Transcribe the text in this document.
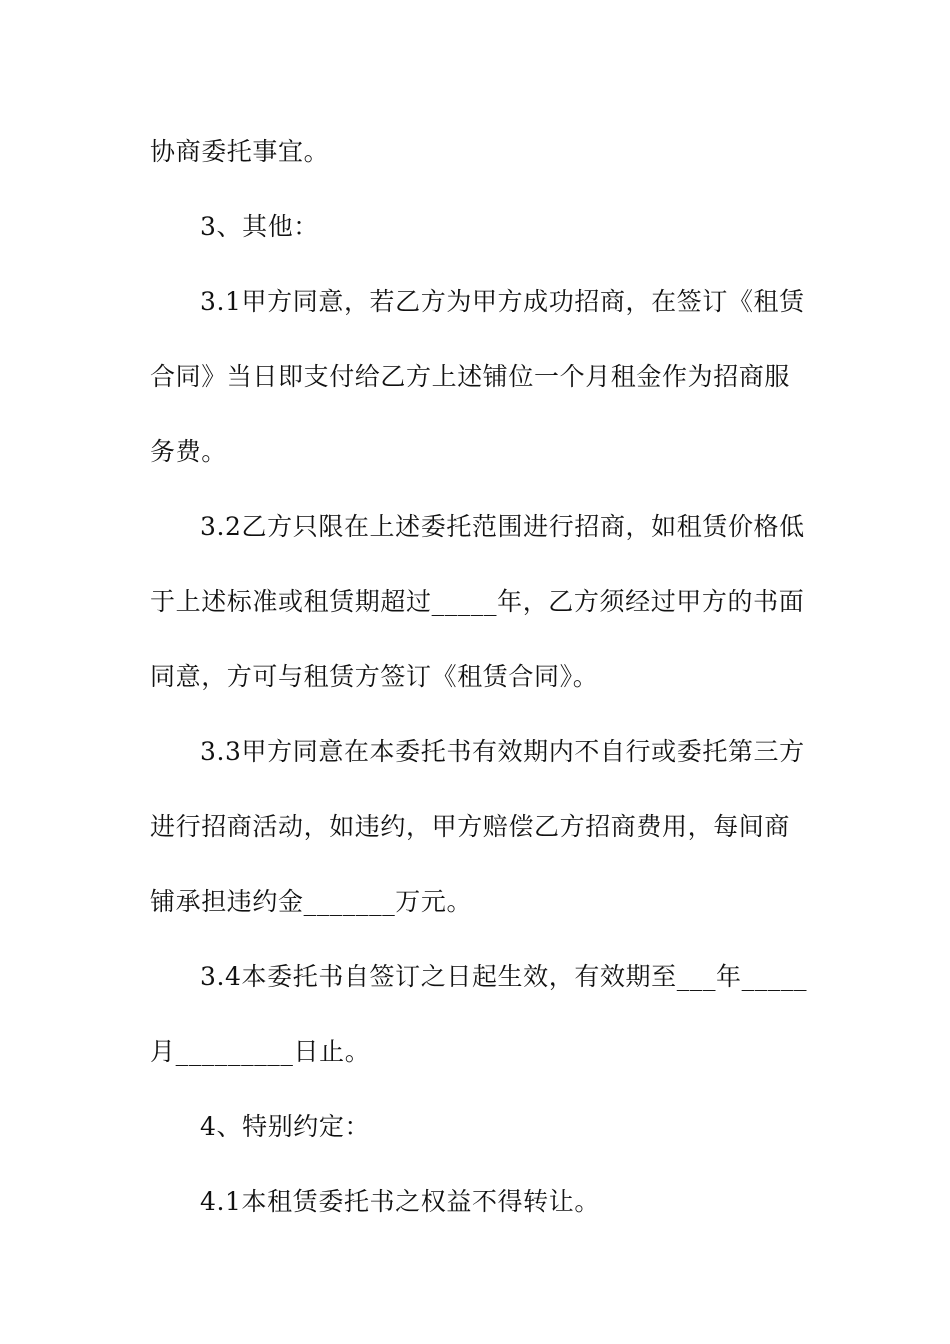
协商委托事宜。
3、其他：
3.1甲方同意，若乙方为甲方成功招商，在签订《租赁
合同》当日即支付给乙方上述铺位一个月租金作为招商服
务费。
3.2乙方只限在上述委托范围进行招商，如租赁价格低
于上述标准或租赁期超过_____年，乙方须经过甲方的书面
同意，方可与租赁方签订《租赁合同》。
3.3甲方同意在本委托书有效期内不自行或委托第三方
进行招商活动，如违约，甲方赔偿乙方招商费用，每间商
铺承担违约金_______万元。
3.4本委托书自签订之日起生效，有效期至___年_____
月_________日止。
4、特别约定：
4.1本租赁委托书之权益不得转让。
